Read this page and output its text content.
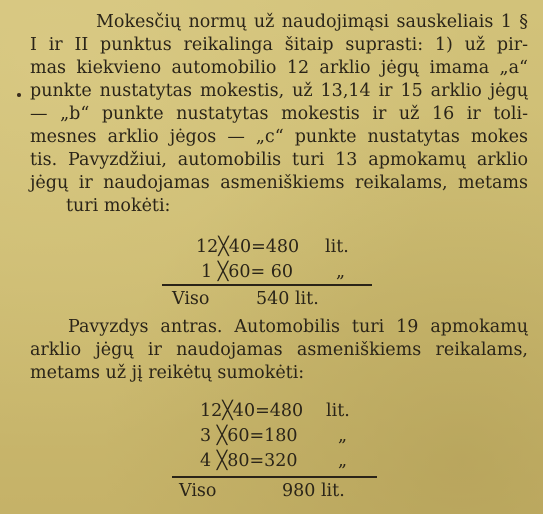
Mokesčių normų už naudojimąsi sauskeliais 1 §
I ir II punktus reikalinga šitaip suprasti: 1) už pir-
mas kiekvieno automobilio 12 arklio jėgų imama „a“
punkte nustatytas mokestis, už 13,14 ir 15 arklio jėgų
— „b“ punkte nustatytas mokestis ir už 16 ir toli-
mesnes arklio jėgos — „c“ punkte nustatytas mokes
tis. Pavyzdžiui, automobilis turi 13 apmokamų arklio
jėgų ir naudojamas asmeniškiems reikalams, metams
turi mokėti:
12╳40=480 lit.
1 ╳60= 60 „
Viso	540 lit.
Pavyzdys antras. Automobilis turi 19 apmokamų
arklio jėgų ir naudojamas asmeniškiems reikalams,
metams už jį reikėtų sumokėti:
12╳40=480 lit.
3 ╳60=180 „
4 ╳80=320 „
Viso	980 lit.
